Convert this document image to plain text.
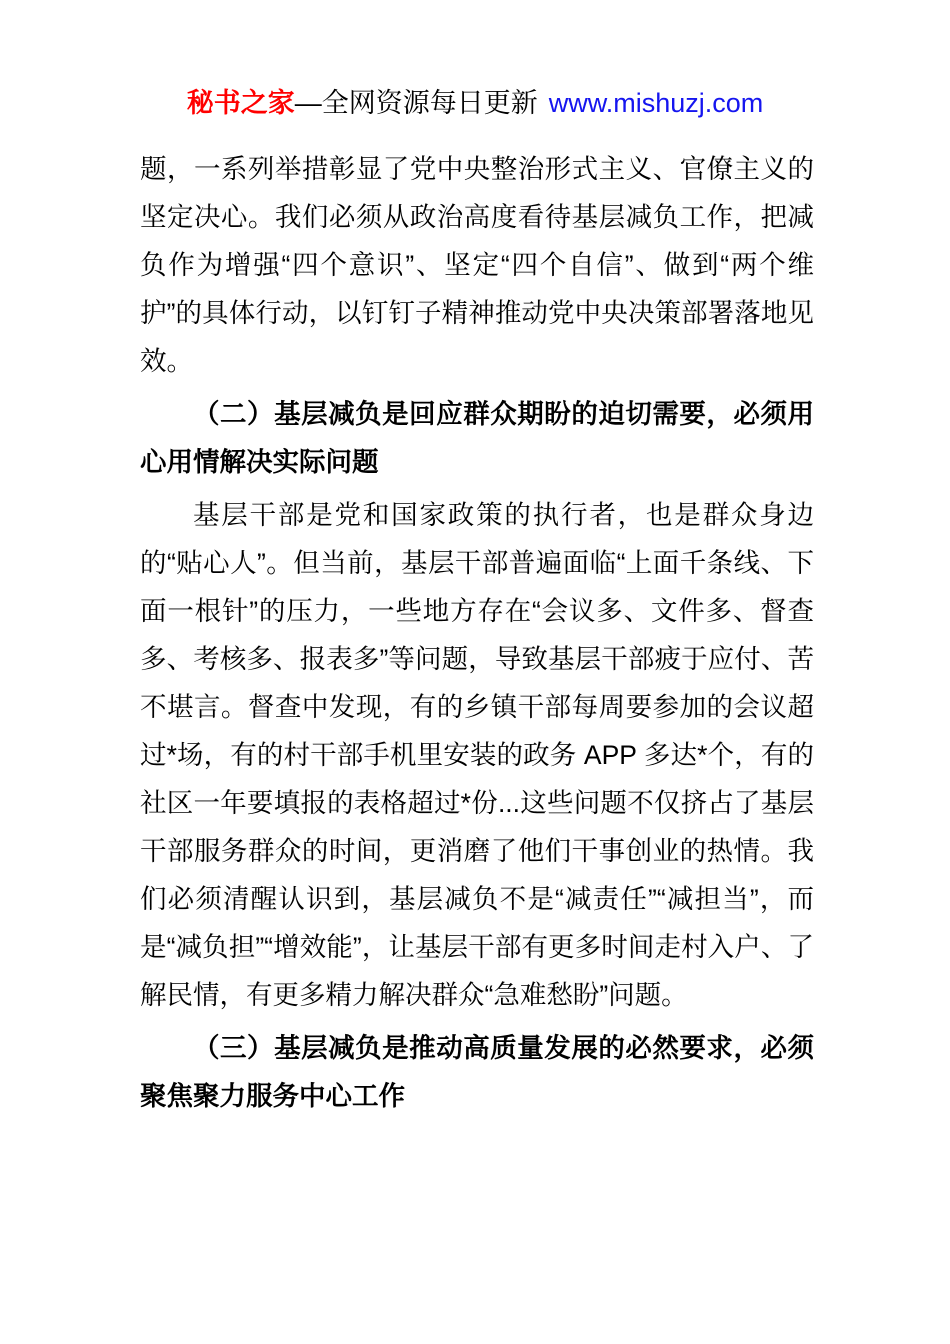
秘书之家—全网资源每日更新 www.mishuzj.com

题，一系列举措彰显了党中央整治形式主义、官僚主义的坚定决心。我们必须从政治高度看待基层减负工作，把减负作为增强“四个意识”、坚定“四个自信”、做到“两个维护”的具体行动，以钉钉子精神推动党中央决策部署落地见效。

（二）基层减负是回应群众期盼的迫切需要，必须用心用情解决实际问题

基层干部是党和国家政策的执行者，也是群众身边的“贴心人”。但当前，基层干部普遍面临“上面千条线、下面一根针”的压力，一些地方存在“会议多、文件多、督查多、考核多、报表多”等问题，导致基层干部疲于应付、苦不堪言。督查中发现，有的乡镇干部每周要参加的会议超过*场，有的村干部手机里安装的政务 APP 多达*个，有的社区一年要填报的表格超过*份...这些问题不仅挤占了基层干部服务群众的时间，更消磨了他们干事创业的热情。我们必须清醒认识到，基层减负不是“减责任”“减担当”，而是“减负担”“增效能”，让基层干部有更多时间走村入户、了解民情，有更多精力解决群众“急难愁盼”问题。

（三）基层减负是推动高质量发展的必然要求，必须聚焦聚力服务中心工作
